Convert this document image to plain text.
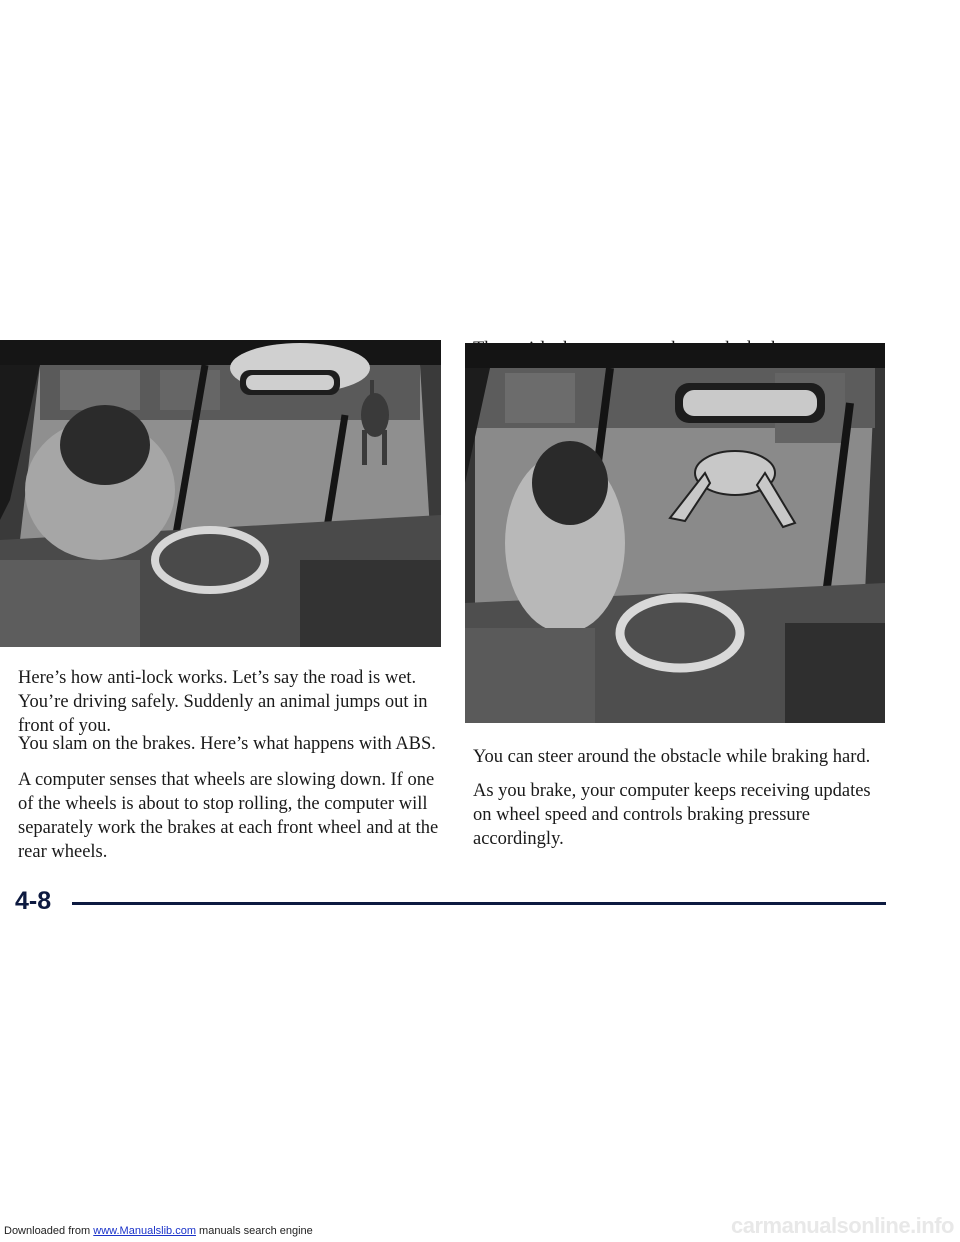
Here’s how anti-lock works. Let’s say the road is wet. You’re driving safely. Suddenly an animal jumps out in front of you.

You slam on the brakes. Here’s what happens with ABS.

A computer senses that wheels are slowing down. If one of the wheels is about to stop rolling, the computer will separately work the brakes at each front wheel and at the rear wheels.

You can steer around the obstacle while braking hard.

As you brake, your computer keeps receiving updates on wheel speed and controls braking pressure accordingly.

4-8
Downloaded from www.Manualslib.com manuals search engine	carmanualsonline.info
